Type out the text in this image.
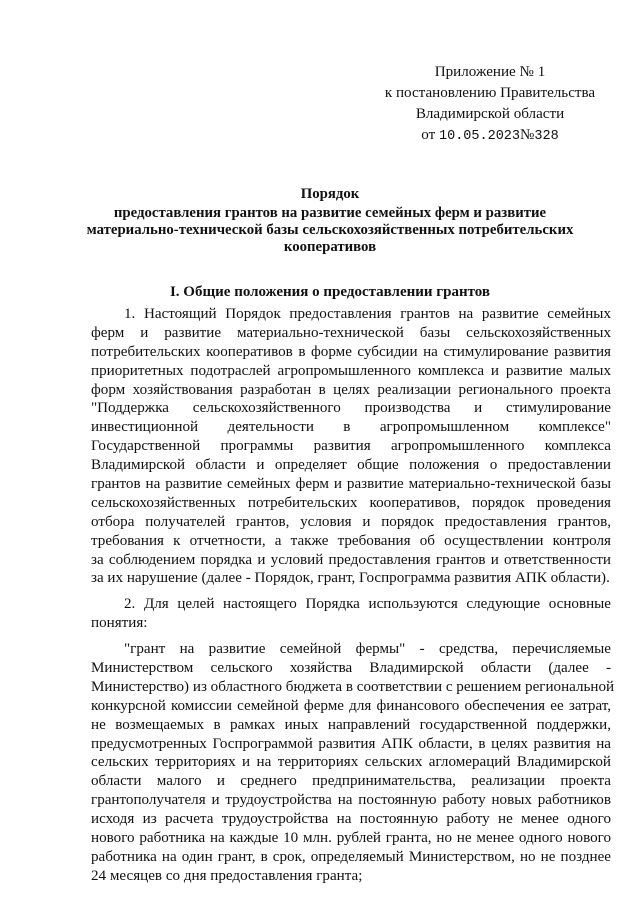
Приложение № 1
к постановлению Правительства
Владимирской области
от 10.05.2023№328
Порядок
предоставления грантов на развитие семейных ферм и развитие
материально-технической базы сельскохозяйственных потребительских
кооперативов
I. Общие положения о предоставлении грантов
1. Настоящий Порядок предоставления грантов на развитие семейных
ферм и развитие материально-технической базы сельскохозяйственных
потребительских кооперативов в форме субсидии на стимулирование развития
приоритетных подотраслей агропромышленного комплекса и развитие малых
форм хозяйствования разработан в целях реализации регионального проекта
"Поддержка сельскохозяйственного производства и стимулирование
инвестиционной деятельности в агропромышленном комплексе"
Государственной программы развития агропромышленного комплекса
Владимирской области и определяет общие положения о предоставлении
грантов на развитие семейных ферм и развитие материально-технической базы
сельскохозяйственных потребительских кооперативов, порядок проведения
отбора получателей грантов, условия и порядок предоставления грантов,
требования к отчетности, а также требования об осуществлении контроля
за соблюдением порядка и условий предоставления грантов и ответственности
за их нарушение (далее - Порядок, грант, Госпрограмма развития АПК области).
2. Для целей настоящего Порядка используются следующие основные
понятия:
"грант на развитие семейной фермы" - средства, перечисляемые
Министерством сельского хозяйства Владимирской области (далее -
Министерство) из областного бюджета в соответствии с решением региональной
конкурсной комиссии семейной ферме для финансового обеспечения ее затрат,
не возмещаемых в рамках иных направлений государственной поддержки,
предусмотренных Госпрограммой развития АПК области, в целях развития на
сельских территориях и на территориях сельских агломераций Владимирской
области малого и среднего предпринимательства, реализации проекта
грантополучателя и трудоустройства на постоянную работу новых работников
исходя из расчета трудоустройства на постоянную работу не менее одного
нового работника на каждые 10 млн. рублей гранта, но не менее одного нового
работника на один грант, в срок, определяемый Министерством, но не позднее
24 месяцев со дня предоставления гранта;
